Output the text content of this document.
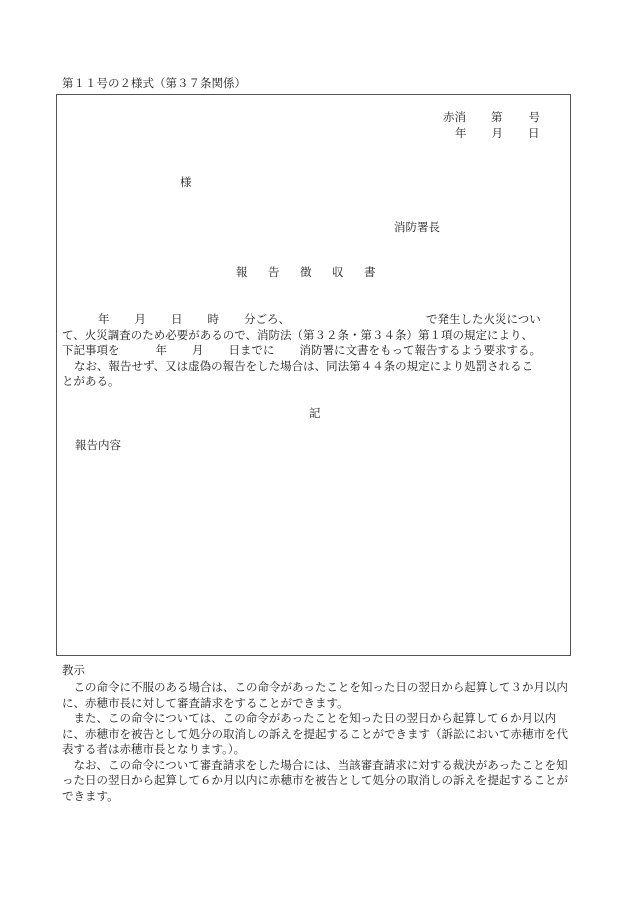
第１１号の２様式（第３７条関係）
赤消 第 号
年 月 日
様
消防署長
報 告 徴 収 書
年 月 日 時 分ごろ、	で発生した火災につい
て、火災調査のため必要があるので、消防法（第３２条・第３４条）第１項の規定により、
下記事項を	年 月 日までに 消防署に文書をもって報告するよう要求する。
なお、報告せず、又は虚偽の報告をした場合は、同法第４４条の規定により処罰されるこ
とがある。
記
報告内容
教示

　この命令に不服のある場合は、この命令があったことを知った日の翌日から起算して３か月以内に、赤穂市長に対して審査請求をすることができます。

　また、この命令については、この命令があったことを知った日の翌日から起算して６か月以内に、赤穂市を被告として処分の取消しの訴えを提起することができます（訴訟において赤穂市を代表する者は赤穂市長となります。）。

　なお、この命令について審査請求をした場合には、当該審査請求に対する裁決があったことを知った日の翌日から起算して６か月以内に赤穂市を被告として処分の取消しの訴えを提起することができます。
